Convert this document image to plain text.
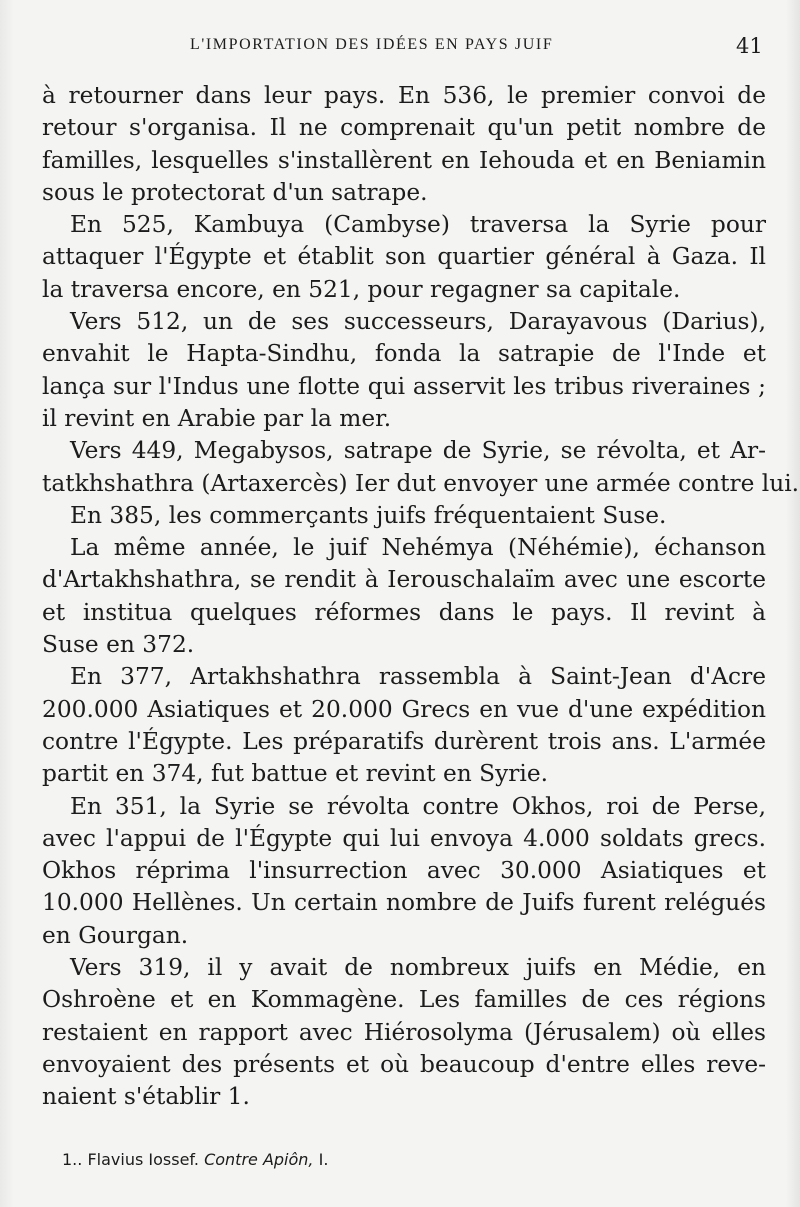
L'IMPORTATION DES IDÉES EN PAYS JUIF	41
à retourner dans leur pays. En 536, le premier convoi de
retour s'organisa. Il ne comprenait qu'un petit nombre de
familles, lesquelles s'installèrent en Iehouda et en Beniamin
sous le protectorat d'un satrape.
En 525, Kambuya (Cambyse) traversa la Syrie pour
attaquer l'Égypte et établit son quartier général à Gaza. Il
la traversa encore, en 521, pour regagner sa capitale.
Vers 512, un de ses successeurs, Darayavous (Darius),
envahit le Hapta-Sindhu, fonda la satrapie de l'Inde et
lança sur l'Indus une flotte qui asservit les tribus riveraines ;
il revint en Arabie par la mer.
Vers 449, Megabysos, satrape de Syrie, se révolta, et Ar-
tatkhshathra (Artaxercès) Ier dut envoyer une armée contre lui.
En 385, les commerçants juifs fréquentaient Suse.
La même année, le juif Nehémya (Néhémie), échanson
d'Artakhshathra, se rendit à Ierouschalaïm avec une escorte
et institua quelques réformes dans le pays. Il revint à
Suse en 372.
En 377, Artakhshathra rassembla à Saint-Jean d'Acre
200.000 Asiatiques et 20.000 Grecs en vue d'une expédition
contre l'Égypte. Les préparatifs durèrent trois ans. L'armée
partit en 374, fut battue et revint en Syrie.
En 351, la Syrie se révolta contre Okhos, roi de Perse,
avec l'appui de l'Égypte qui lui envoya 4.000 soldats grecs.
Okhos réprima l'insurrection avec 30.000 Asiatiques et
10.000 Hellènes. Un certain nombre de Juifs furent relégués
en Gourgan.
Vers 319, il y avait de nombreux juifs en Médie, en
Oshroène et en Kommagène. Les familles de ces régions
restaient en rapport avec Hiérosolyma (Jérusalem) où elles
envoyaient des présents et où beaucoup d'entre elles reve-
naient s'établir 1.
1.. Flavius Iossef. Contre Apiôn, I.
